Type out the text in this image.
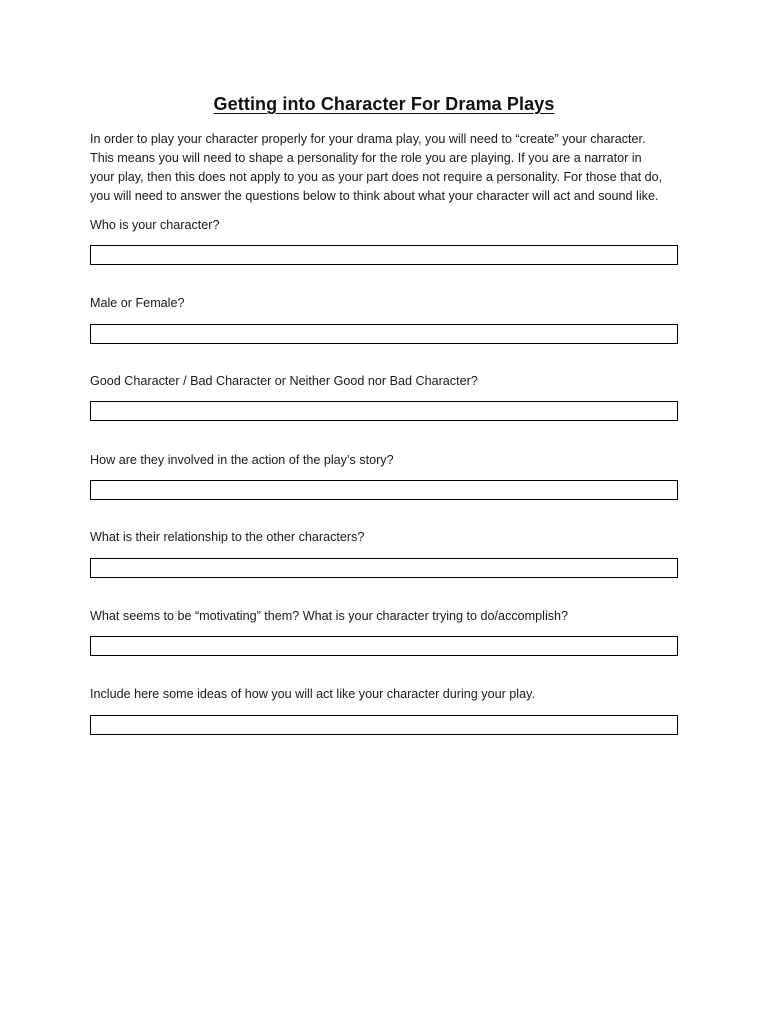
Getting into Character For Drama Plays

In order to play your character properly for your drama play, you will need to “create” your character.
This means you will need to shape a personality for the role you are playing. If you are a narrator in
your play, then this does not apply to you as your part does not require a personality. For those that do,
you will need to answer the questions below to think about what your character will act and sound like.

Who is your character?
Male or Female?
Good Character / Bad Character or Neither Good nor Bad Character?
How are they involved in the action of the play’s story?
What is their relationship to the other characters?
What seems to be “motivating” them? What is your character trying to do/accomplish?
Include here some ideas of how you will act like your character during your play.
